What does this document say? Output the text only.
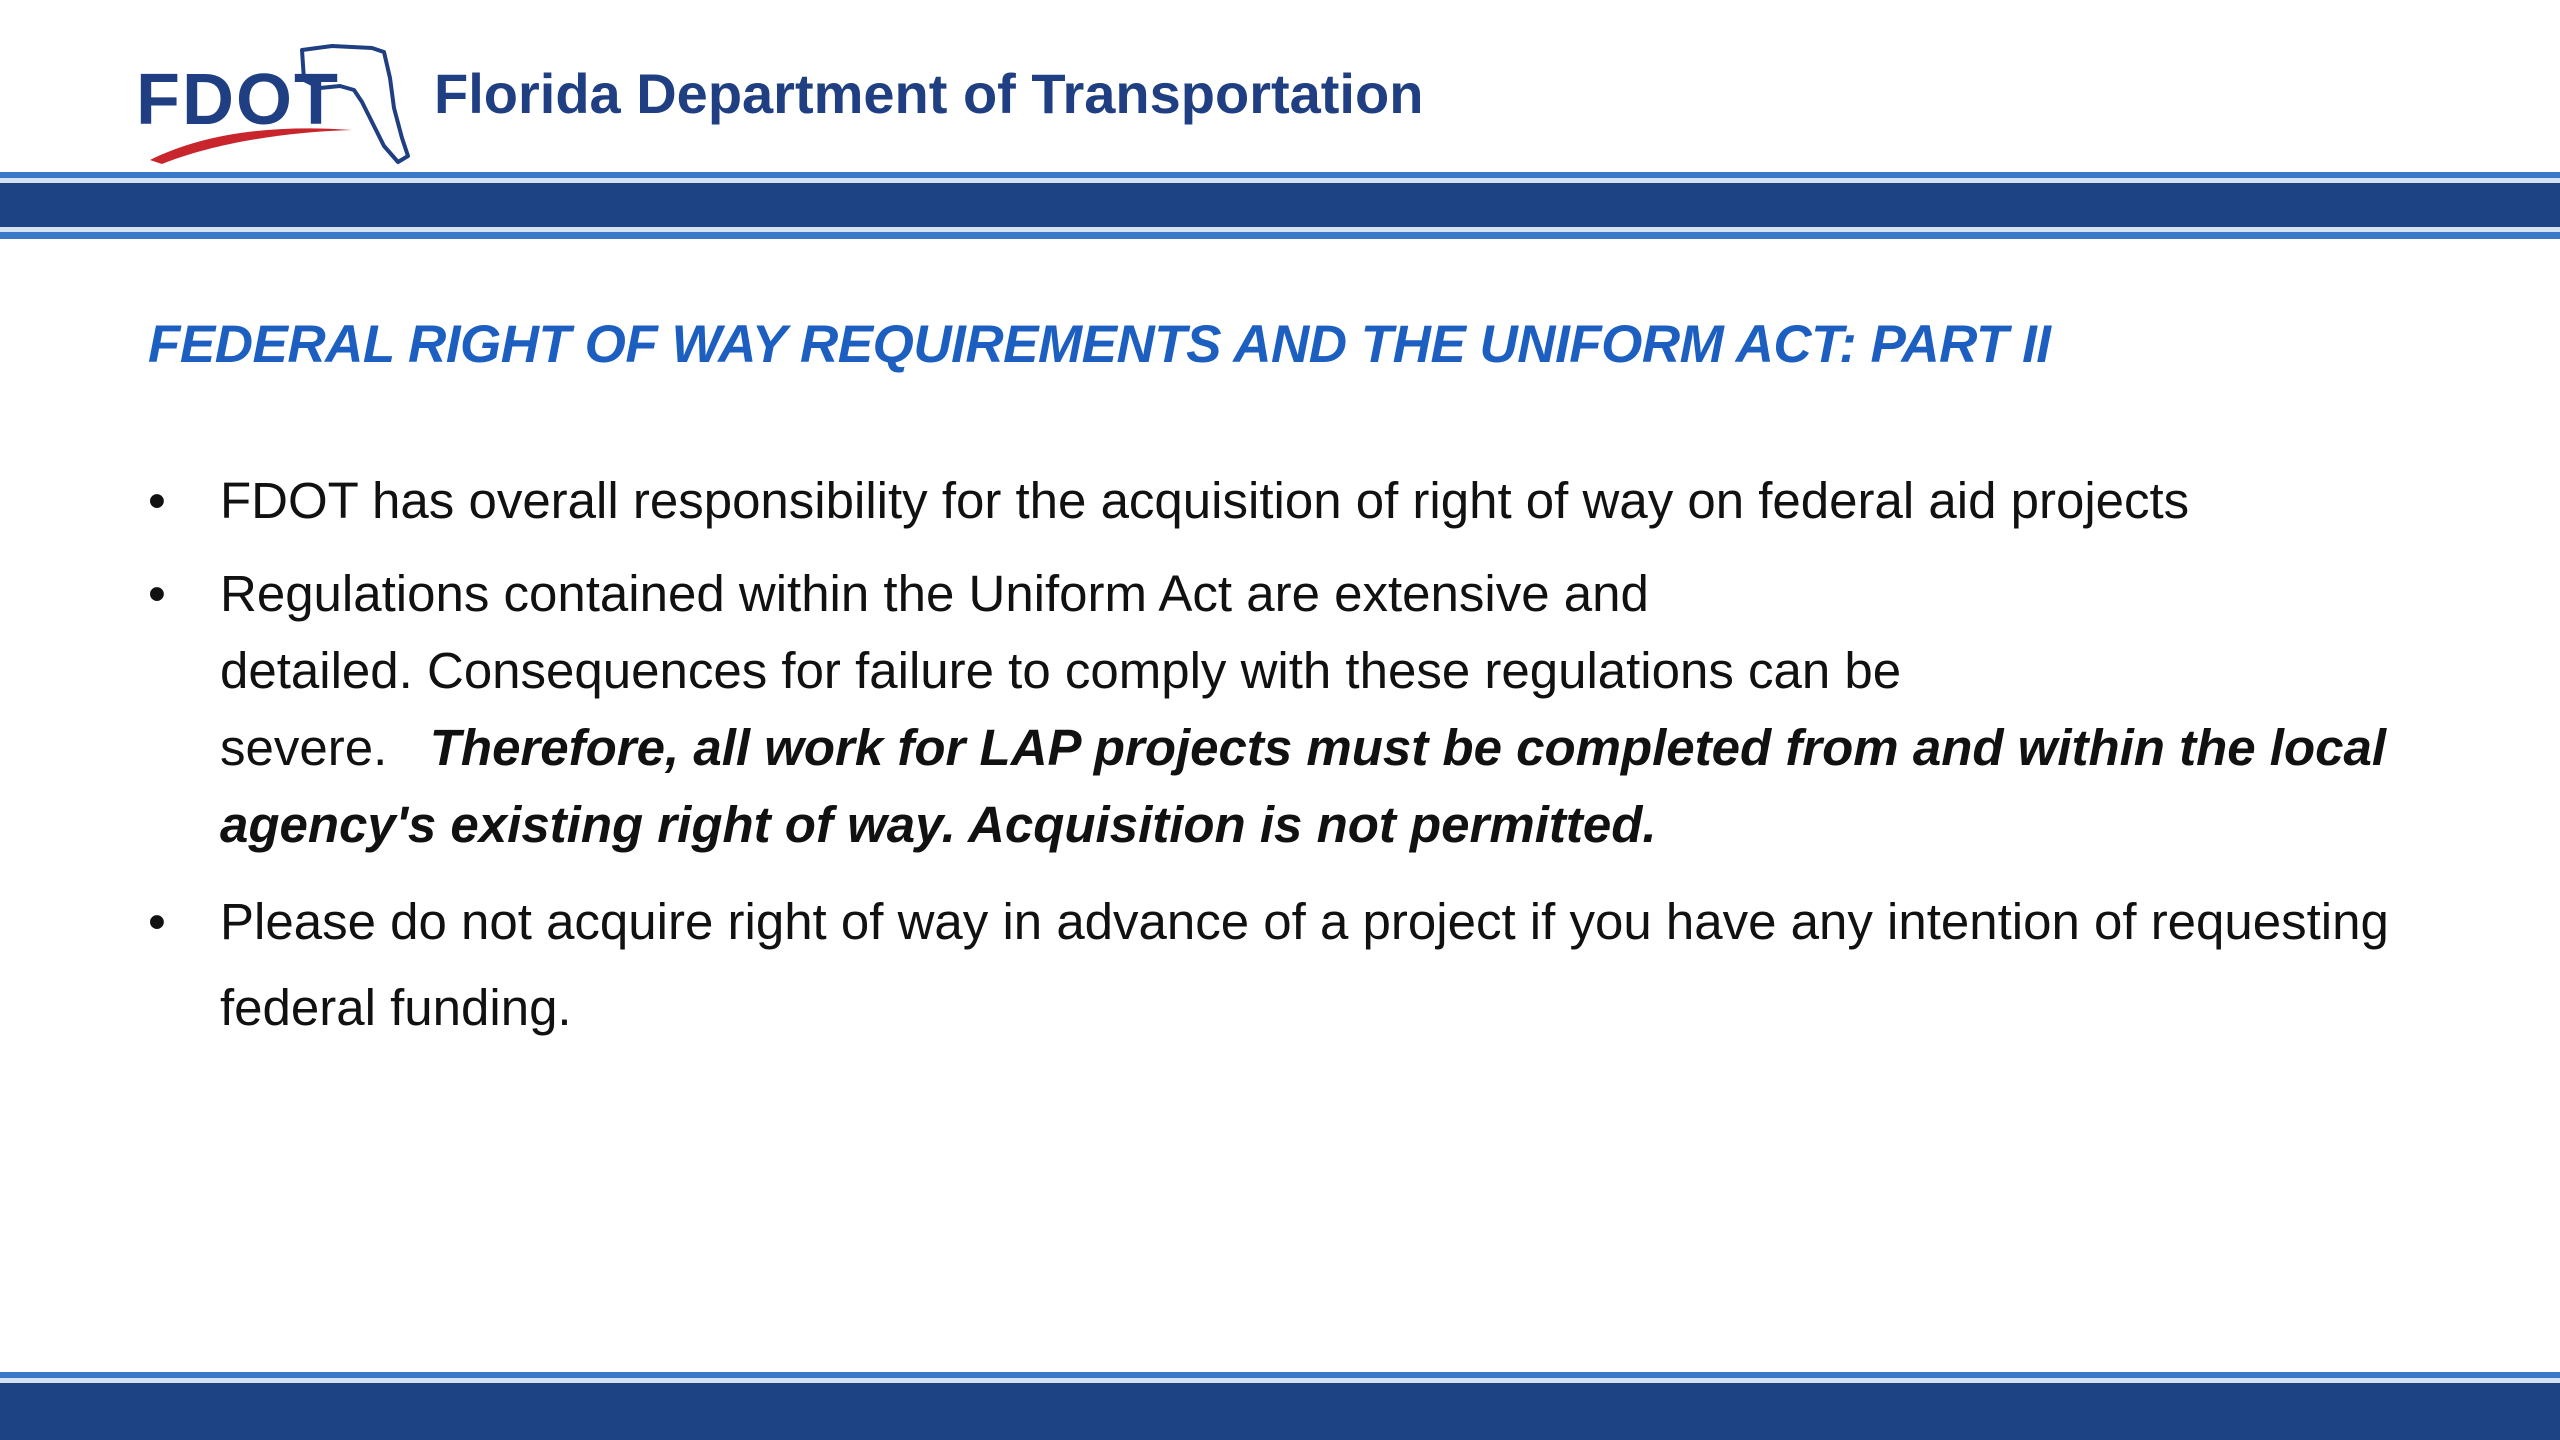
FDOT Florida Department of Transportation
FEDERAL RIGHT OF WAY REQUIREMENTS AND THE UNIFORM ACT: PART II
• FDOT has overall responsibility for the acquisition of right of way on federal aid projects
• Regulations contained within the Uniform Act are extensive and
detailed. Consequences for failure to comply with these regulations can be
severe. Therefore, all work for LAP projects must be completed from and within the local agency's existing right of way. Acquisition is not permitted.
• Please do not acquire right of way in advance of a project if you have any intention of requesting federal funding.
